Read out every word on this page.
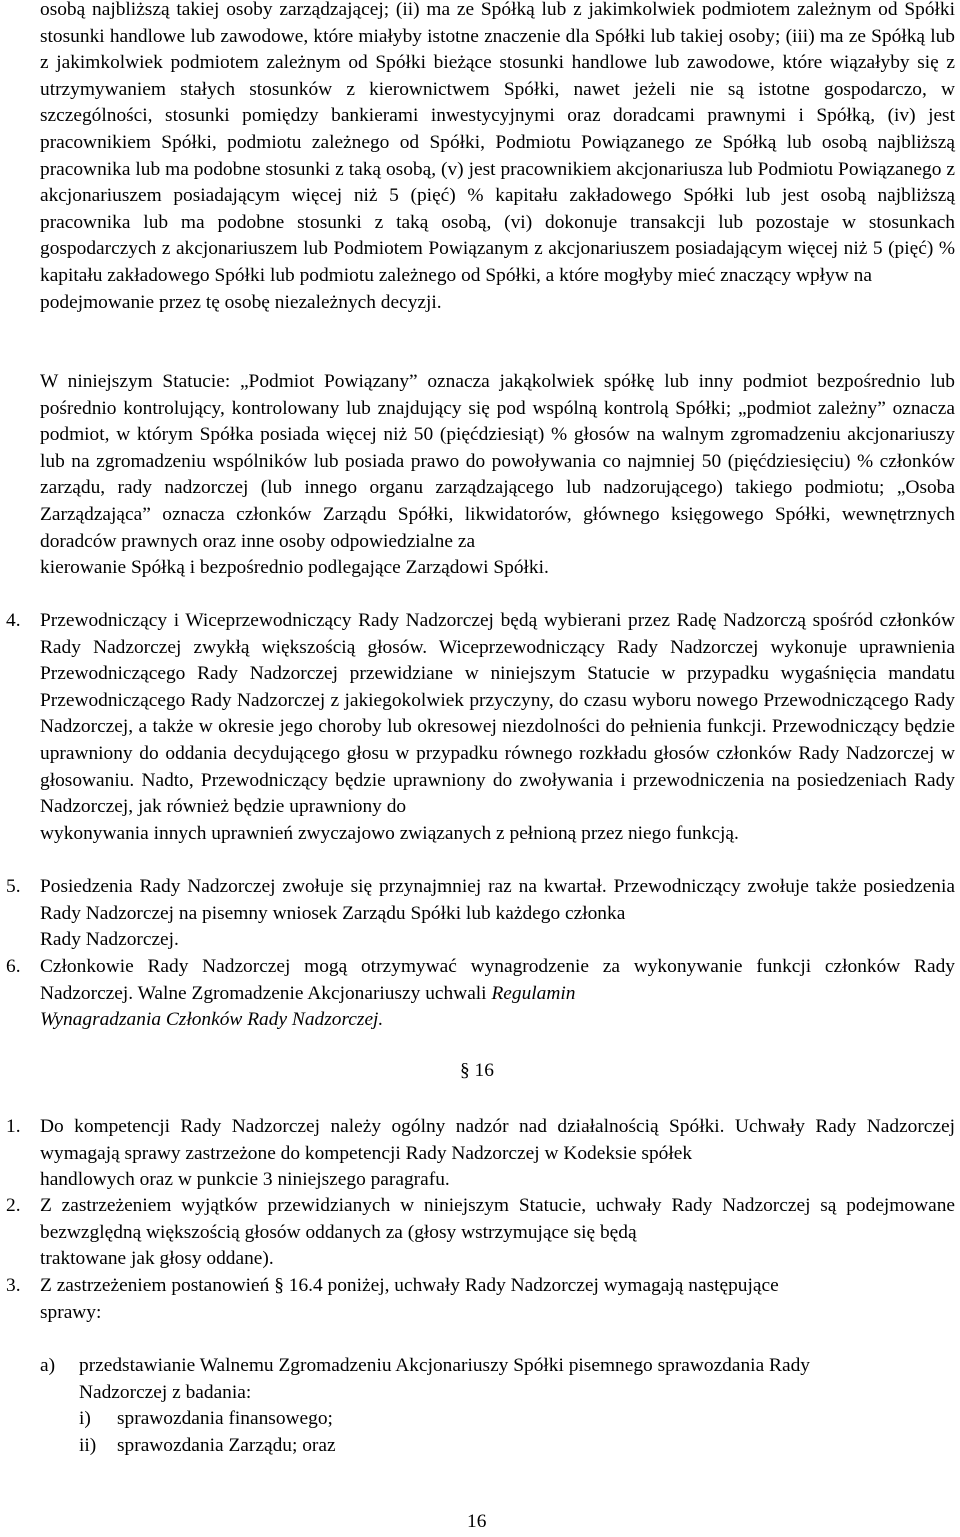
osobą najbliższą takiej osoby zarządzającej; (ii) ma ze Spółką lub z jakimkolwiek podmiotem zależnym od Spółki stosunki handlowe lub zawodowe, które miałyby istotne znaczenie dla Spółki lub takiej osoby; (iii) ma ze Spółką lub z jakimkolwiek podmiotem zależnym od Spółki bieżące stosunki handlowe lub zawodowe, które wiązałyby się z utrzymywaniem stałych stosunków z kierownictwem Spółki, nawet jeżeli nie są istotne gospodarczo, w szczególności, stosunki pomiędzy bankierami inwestycyjnymi oraz doradcami prawnymi i Spółką, (iv) jest pracownikiem Spółki, podmiotu zależnego od Spółki, Podmiotu Powiązanego ze Spółką lub osobą najbliższą pracownika lub ma podobne stosunki z taką osobą, (v) jest pracownikiem akcjonariusza lub Podmiotu Powiązanego z akcjonariuszem posiadającym więcej niż 5 (pięć) % kapitału zakładowego Spółki lub jest osobą najbliższą pracownika lub ma podobne stosunki z taką osobą, (vi) dokonuje transakcji lub pozostaje w stosunkach gospodarczych z akcjonariuszem lub Podmiotem Powiązanym z akcjonariuszem posiadającym więcej niż 5 (pięć) % kapitału zakładowego Spółki lub podmiotu zależnego od Spółki, a które mogłyby mieć znaczący wpływ na
podejmowanie przez tę osobę niezależnych decyzji.
W niniejszym Statucie: „Podmiot Powiązany” oznacza jakąkolwiek spółkę lub inny podmiot bezpośrednio lub pośrednio kontrolujący, kontrolowany lub znajdujący się pod wspólną kontrolą Spółki; „podmiot zależny” oznacza podmiot, w którym Spółka posiada więcej niż 50 (pięćdziesiąt) % głosów na walnym zgromadzeniu akcjonariuszy lub na zgromadzeniu wspólników lub posiada prawo do powoływania co najmniej 50 (pięćdziesięciu) % członków zarządu, rady nadzorczej (lub innego organu zarządzającego lub nadzorującego) takiego podmiotu; „Osoba Zarządzająca” oznacza członków Zarządu Spółki, likwidatorów, głównego księgowego Spółki, wewnętrznych doradców prawnych oraz inne osoby odpowiedzialne za
kierowanie Spółką i bezpośrednio podlegające Zarządowi Spółki.
4.	Przewodniczący i Wiceprzewodniczący Rady Nadzorczej będą wybierani przez Radę Nadzorczą spośród członków Rady Nadzorczej zwykłą większością głosów. Wiceprzewodniczący Rady Nadzorczej wykonuje uprawnienia Przewodniczącego Rady Nadzorczej przewidziane w niniejszym Statucie w przypadku wygaśnięcia mandatu Przewodniczącego Rady Nadzorczej z jakiegokolwiek przyczyny, do czasu wyboru nowego Przewodniczącego Rady Nadzorczej, a także w okresie jego choroby lub okresowej niezdolności do pełnienia funkcji. Przewodniczący będzie uprawniony do oddania decydującego głosu w przypadku równego rozkładu głosów członków Rady Nadzorczej w głosowaniu. Nadto, Przewodniczący będzie uprawniony do zwoływania i przewodniczenia na posiedzeniach Rady Nadzorczej, jak również będzie uprawniony do
wykonywania innych uprawnień zwyczajowo związanych z pełnioną przez niego funkcją.
5.	Posiedzenia Rady Nadzorczej zwołuje się przynajmniej raz na kwartał. Przewodniczący zwołuje także posiedzenia Rady Nadzorczej na pisemny wniosek Zarządu Spółki lub każdego członka
Rady Nadzorczej.
6.	Członkowie Rady Nadzorczej mogą otrzymywać wynagrodzenie za wykonywanie funkcji członków Rady Nadzorczej. Walne Zgromadzenie Akcjonariuszy uchwali Regulamin
Wynagradzania Członków Rady Nadzorczej.
§ 16
1.	Do kompetencji Rady Nadzorczej należy ogólny nadzór nad działalnością Spółki. Uchwały Rady Nadzorczej wymagają sprawy zastrzeżone do kompetencji Rady Nadzorczej w Kodeksie spółek
handlowych oraz w punkcie 3 niniejszego paragrafu.
2.	Z zastrzeżeniem wyjątków przewidzianych w niniejszym Statucie, uchwały Rady Nadzorczej są podejmowane bezwzględną większością głosów oddanych za (głosy wstrzymujące się będą
traktowane jak głosy oddane).
3.	Z zastrzeżeniem postanowień § 16.4 poniżej, uchwały Rady Nadzorczej wymagają następujące
sprawy:
a) przedstawianie Walnemu Zgromadzeniu Akcjonariuszy Spółki pisemnego sprawozdania Rady
Nadzorczej z badania:
i) sprawozdania finansowego;
ii) sprawozdania Zarządu; oraz
16
